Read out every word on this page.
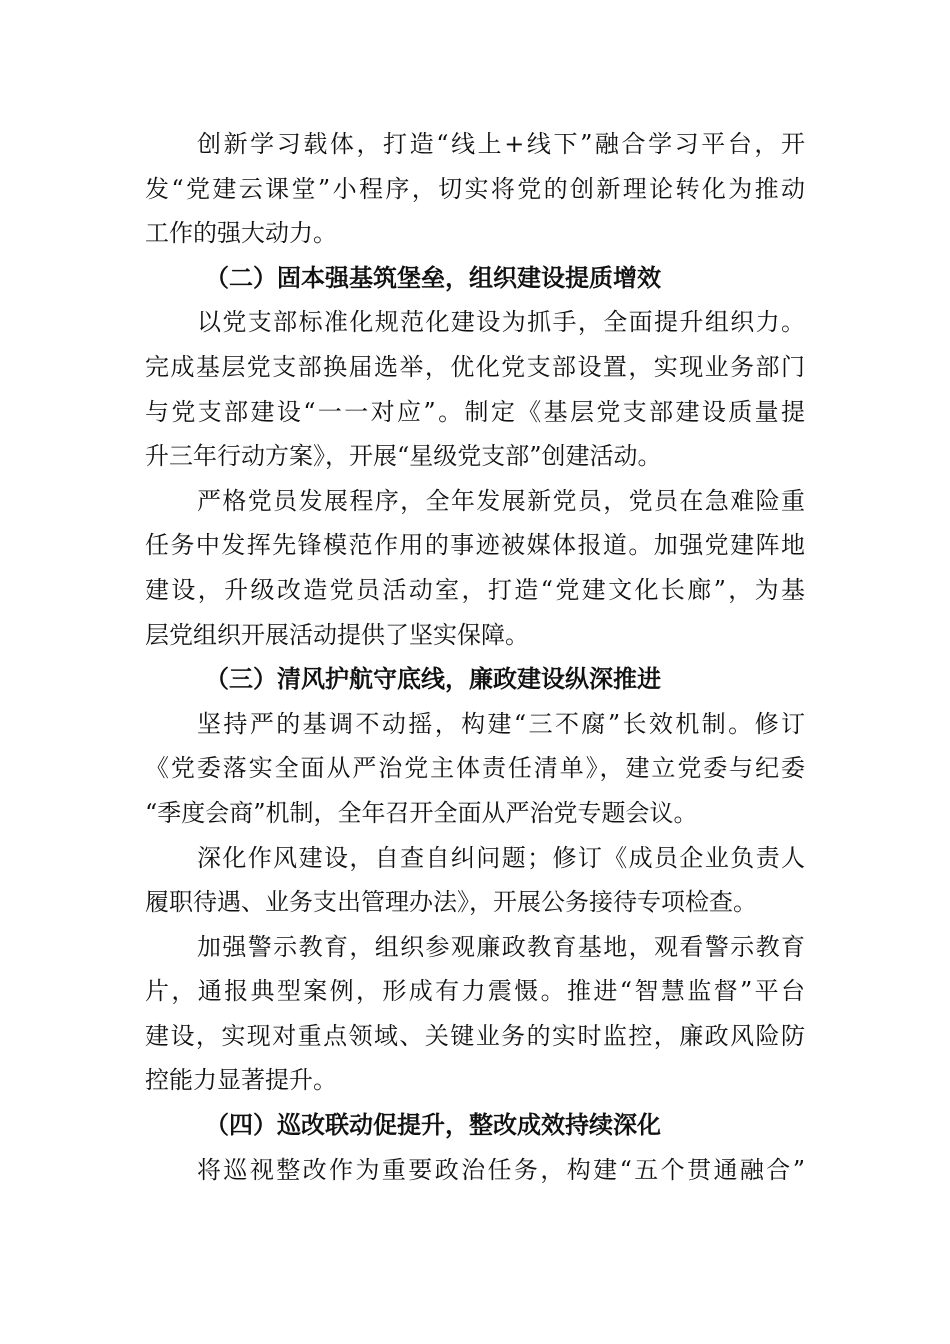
创新学习载体，打造“线上+线下”融合学习平台，开
发“党建云课堂”小程序，切实将党的创新理论转化为推动
工作的强大动力。
（二）固本强基筑堡垒，组织建设提质增效
以党支部标准化规范化建设为抓手，全面提升组织力。
完成基层党支部换届选举，优化党支部设置，实现业务部门
与党支部建设“一一对应”。制定《基层党支部建设质量提
升三年行动方案》，开展“星级党支部”创建活动。
严格党员发展程序，全年发展新党员，党员在急难险重
任务中发挥先锋模范作用的事迹被媒体报道。加强党建阵地
建设，升级改造党员活动室，打造“党建文化长廊”，为基
层党组织开展活动提供了坚实保障。
（三）清风护航守底线，廉政建设纵深推进
坚持严的基调不动摇，构建“三不腐”长效机制。修订
《党委落实全面从严治党主体责任清单》，建立党委与纪委
“季度会商”机制，全年召开全面从严治党专题会议。
深化作风建设，自查自纠问题；修订《成员企业负责人
履职待遇、业务支出管理办法》，开展公务接待专项检查。
加强警示教育，组织参观廉政教育基地，观看警示教育
片，通报典型案例，形成有力震慑。推进“智慧监督”平台
建设，实现对重点领域、关键业务的实时监控，廉政风险防
控能力显著提升。
（四）巡改联动促提升，整改成效持续深化
将巡视整改作为重要政治任务，构建“五个贯通融合”
